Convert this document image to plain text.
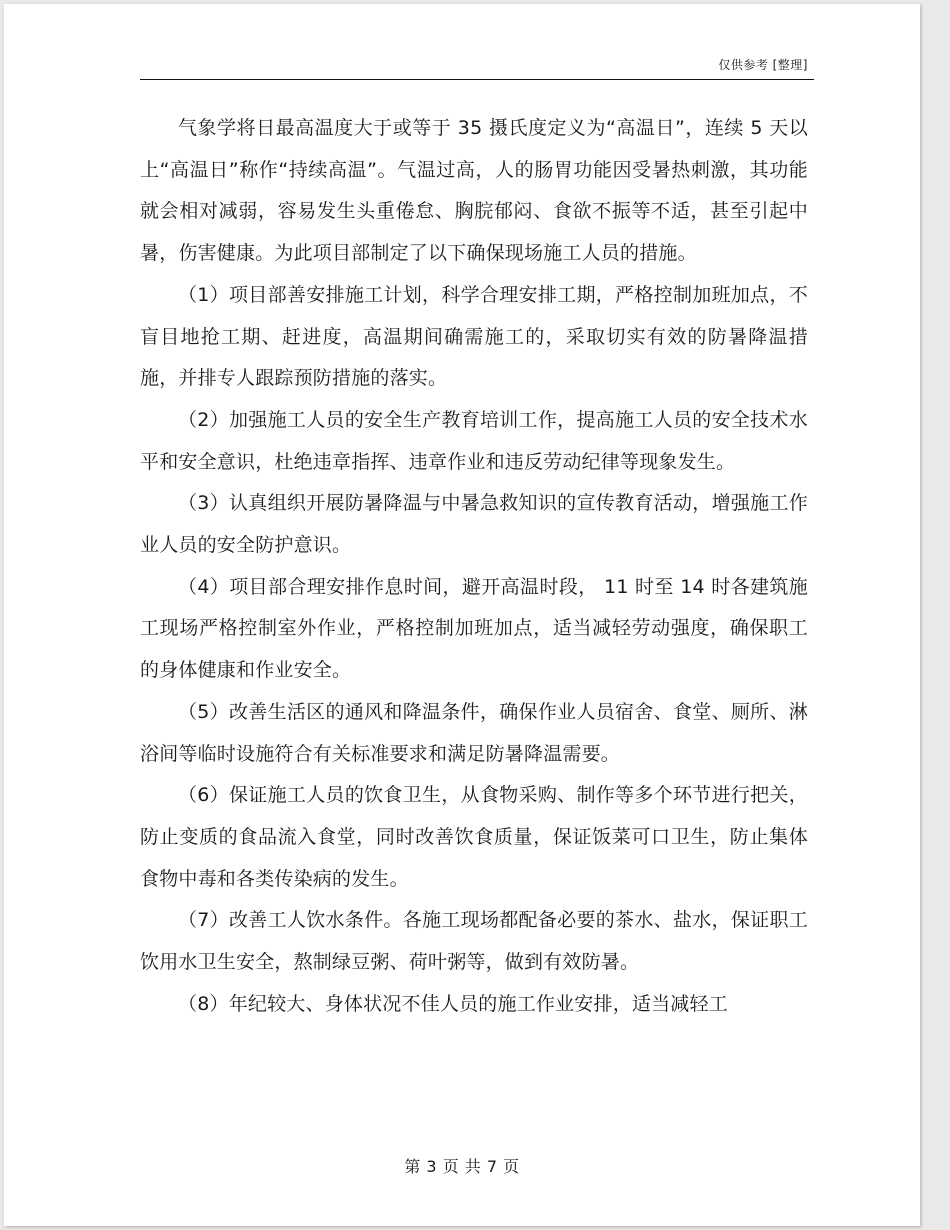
仅供参考 [整理]

气象学将日最高温度大于或等于 35 摄氏度定义为“高温日”，连续 5 天以上“高温日”称作“持续高温”。气温过高，人的肠胃功能因受暑热刺激，其功能就会相对减弱，容易发生头重倦怠、胸脘郁闷、食欲不振等不适，甚至引起中暑，伤害健康。为此项目部制定了以下确保现场施工人员的措施。

（1）项目部善安排施工计划，科学合理安排工期，严格控制加班加点，不盲目地抢工期、赶进度，高温期间确需施工的，采取切实有效的防暑降温措施，并排专人跟踪预防措施的落实。

（2）加强施工人员的安全生产教育培训工作，提高施工人员的安全技术水平和安全意识，杜绝违章指挥、违章作业和违反劳动纪律等现象发生。

（3）认真组织开展防暑降温与中暑急救知识的宣传教育活动，增强施工作业人员的安全防护意识。

（4）项目部合理安排作息时间，避开高温时段， 11 时至 14 时各建筑施工现场严格控制室外作业，严格控制加班加点，适当减轻劳动强度，确保职工的身体健康和作业安全。

（5）改善生活区的通风和降温条件，确保作业人员宿舍、食堂、厕所、淋浴间等临时设施符合有关标准要求和满足防暑降温需要。

（6）保证施工人员的饮食卫生，从食物采购、制作等多个环节进行把关，防止变质的食品流入食堂，同时改善饮食质量，保证饭菜可口卫生，防止集体食物中毒和各类传染病的发生。

（7）改善工人饮水条件。各施工现场都配备必要的茶水、盐水，保证职工饮用水卫生安全，熬制绿豆粥、荷叶粥等，做到有效防暑。

（8）年纪较大、身体状况不佳人员的施工作业安排，适当减轻工

第 3 页 共 7 页
